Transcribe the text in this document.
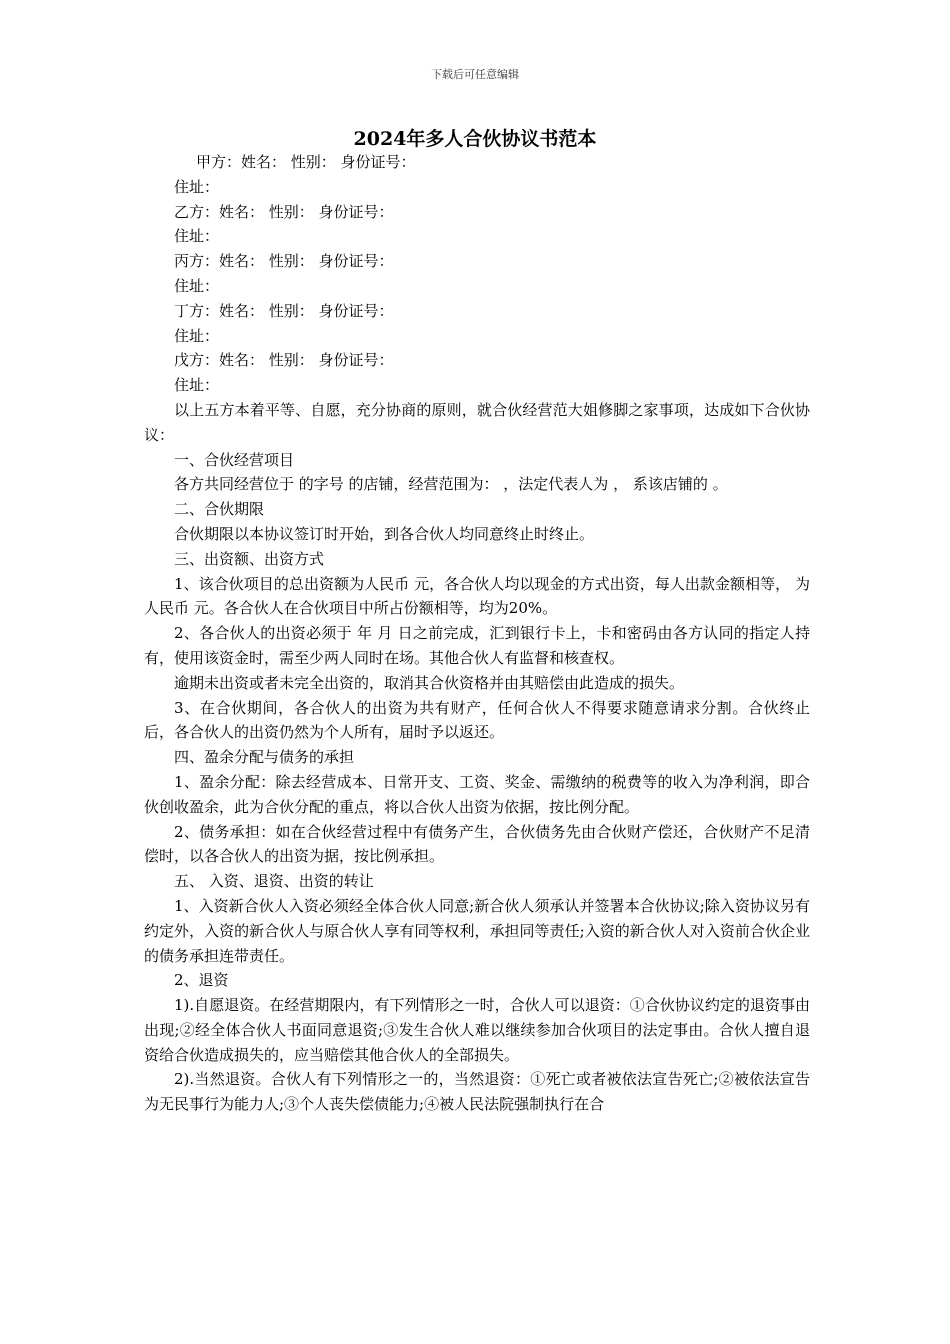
下载后可任意编辑
2024年多人合伙协议书范本

甲方：姓名： 性别： 身份证号：

住址：

乙方：姓名： 性别： 身份证号：

住址：

丙方：姓名： 性别： 身份证号：

住址：

丁方：姓名： 性别： 身份证号：

住址：

戊方：姓名： 性别： 身份证号：

住址：

以上五方本着平等、自愿，充分协商的原则，就合伙经营范大姐修脚之家事项，达成如下合伙协议：

一、合伙经营项目

各方共同经营位于 的字号 的店铺，经营范围为： ，法定代表人为 ， 系该店铺的 。

二、合伙期限

合伙期限以本协议签订时开始，到各合伙人均同意终止时终止。

三、出资额、出资方式

1、该合伙项目的总出资额为人民币 元，各合伙人均以现金的方式出资，每人出款金额相等， 为人民币 元。各合伙人在合伙项目中所占份额相等，均为20%。

2、各合伙人的出资必须于 年 月 日之前完成，汇到银行卡上，卡和密码由各方认同的指定人持有，使用该资金时，需至少两人同时在场。其他合伙人有监督和核查权。

逾期未出资或者未完全出资的，取消其合伙资格并由其赔偿由此造成的损失。

3、在合伙期间，各合伙人的出资为共有财产，任何合伙人不得要求随意请求分割。合伙终止后，各合伙人的出资仍然为个人所有，届时予以返还。

四、盈余分配与债务的承担

1、盈余分配：除去经营成本、日常开支、工资、奖金、需缴纳的税费等的收入为净利润，即合伙创收盈余，此为合伙分配的重点，将以合伙人出资为依据，按比例分配。

2、债务承担：如在合伙经营过程中有债务产生，合伙债务先由合伙财产偿还，合伙财产不足清偿时，以各合伙人的出资为据，按比例承担。

五、 入资、退资、出资的转让

1、入资新合伙人入资必须经全体合伙人同意;新合伙人须承认并签署本合伙协议;除入资协议另有约定外，入资的新合伙人与原合伙人享有同等权利，承担同等责任;入资的新合伙人对入资前合伙企业的债务承担连带责任。

2、退资

1).自愿退资。在经营期限内，有下列情形之一时，合伙人可以退资：①合伙协议约定的退资事由出现;②经全体合伙人书面同意退资;③发生合伙人难以继续参加合伙项目的法定事由。合伙人擅自退资给合伙造成损失的，应当赔偿其他合伙人的全部损失。

2).当然退资。合伙人有下列情形之一的，当然退资：①死亡或者被依法宣告死亡;②被依法宣告为无民事行为能力人;③个人丧失偿债能力;④被人民法院强制执行在合
